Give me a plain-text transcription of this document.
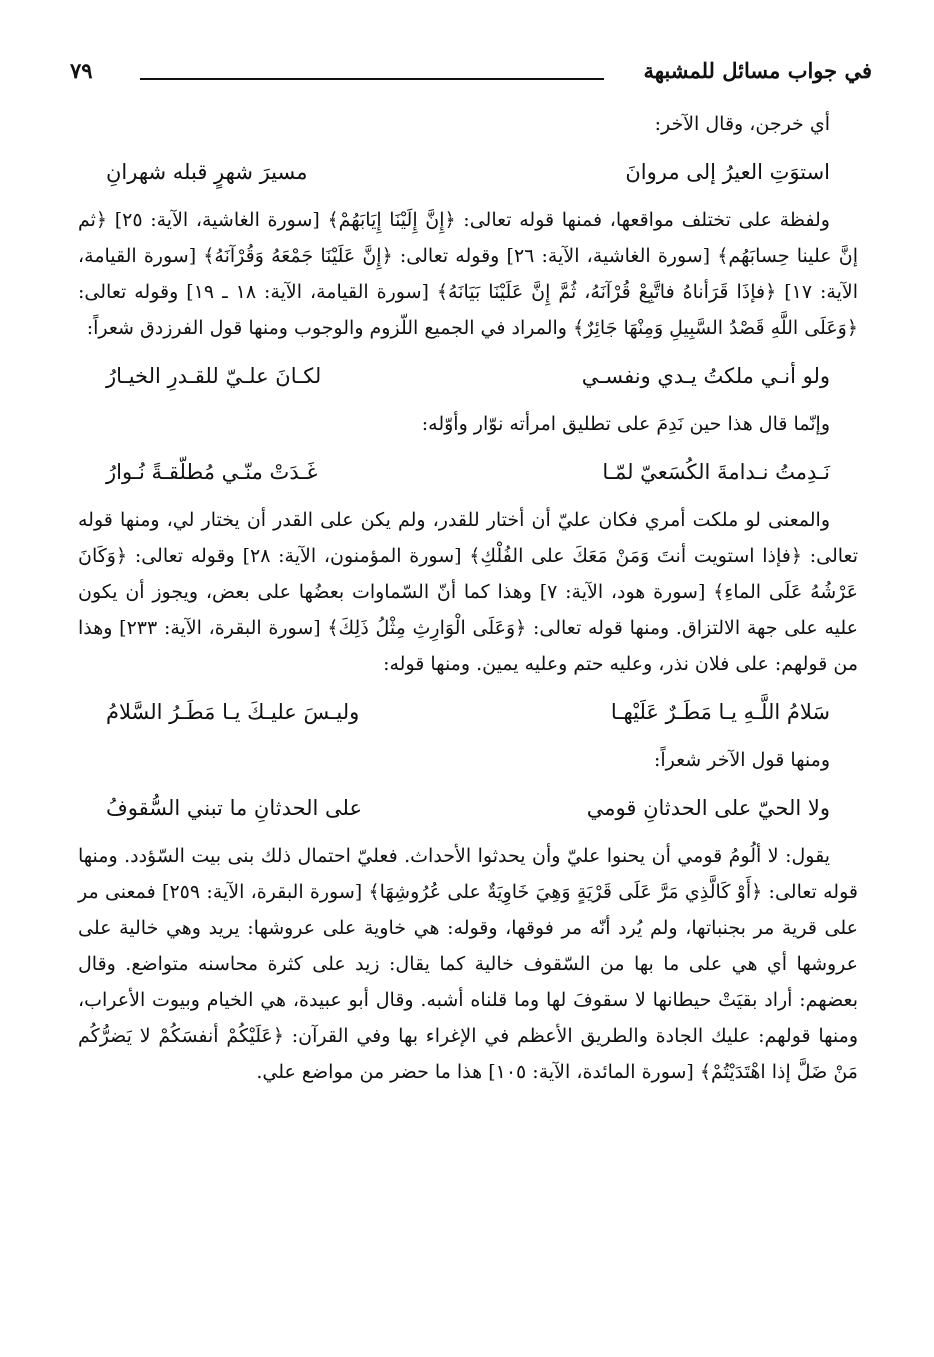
في جواب مسائل للمشبهة
٧٩

أي خرجن، وقال الآخر:

استوَتِ العيرُ إلى مروانَ
مسيرَ شهرٍ قبله شهرانِ

ولفظة على تختلف مواقعها، فمنها قوله تعالى: ﴿إِنَّ إِلَيْنَا إِيَابَهُمْ﴾ [سورة الغاشية، الآية: ٢٥] ﴿ثم إنَّ علينا حِسابَهُم﴾ [سورة الغاشية، الآية: ٢٦] وقوله تعالى: ﴿إِنَّ عَلَيْنَا جَمْعَهُ وَقُرْآنَهُ﴾ [سورة القيامة، الآية: ١٧] ﴿فإذَا قَرَأناهُ فاتَّبِعْ قُرْآنَهُ، ثُمَّ إِنَّ عَلَيْنَا بَيَانَهُ﴾ [سورة القيامة، الآية: ١٨ ـ ١٩] وقوله تعالى: ﴿وَعَلَى اللَّهِ قَصْدُ السَّبِيلِ وَمِنْهَا جَائِرٌ﴾ والمراد في الجميع اللّزوم والوجوب ومنها قول الفرزدق شعراً:

ولو أنـي ملكتُ يـدي ونفسـي
لكـانَ علـيّ للقـدرِ الخيـارُ

وإنّما قال هذا حين نَدِمَ على تطليق امرأته نوّار وأوّله:

نَـدِمتُ نـدامةَ الكُسَعيّ لمّـا
غَـدَتْ منّـي مُطلّقـةً نُـوارُ

والمعنى لو ملكت أمري فكان عليّ أن أختار للقدر، ولم يكن على القدر أن يختار لي، ومنها قوله تعالى: ﴿فإذا استويت أنتَ وَمَنْ مَعَكَ على الفُلْكِ﴾ [سورة المؤمنون، الآية: ٢٨] وقوله تعالى: ﴿وَكَانَ عَرْشُهُ عَلَى الماءِ﴾ [سورة هود، الآية: ٧] وهذا كما أنّ السّماوات بعضُها على بعض، ويجوز أن يكون عليه على جهة الالتزاق. ومنها قوله تعالى: ﴿وَعَلَى الْوَارِثِ مِثْلُ ذَلِكَ﴾ [سورة البقرة، الآية: ٢٣٣] وهذا من قولهم: على فلان نذر، وعليه حتم وعليه يمين. ومنها قوله:

سَلامُ اللَّـهِ يـا مَطَـرٌ عَلَيْهـا
وليـسَ عليـكَ يـا مَطَـرُ السَّلامُ

ومنها قول الآخر شعراً:

ولا الحيّ على الحدثانِ قومي
على الحدثانِ ما تبني السُّقوفُ

يقول: لا ألُومُ قومي أن يحنوا عليّ وأن يحدثوا الأحداث. فعليّ احتمال ذلك بنى بيت السّؤدد. ومنها قوله تعالى: ﴿أَوْ كَالَّذِي مَرَّ عَلَى قَرْيَةٍ وَهِيَ خَاوِيَةٌ على عُرُوشِهَا﴾ [سورة البقرة، الآية: ٢٥٩] فمعنى مر على قرية مر بجنباتها، ولم يُرد أنّه مر فوقها، وقوله: هي خاوية على عروشها: يريد وهي خالية على عروشها أي هي على ما بها من السّقوف خالية كما يقال: زيد على كثرة محاسنه متواضع. وقال بعضهم: أراد بقيَتْ حيطانها لا سقوفَ لها وما قلناه أشبه. وقال أبو عبيدة، هي الخيام وبيوت الأعراب، ومنها قولهم: عليك الجادة والطريق الأعظم في الإغراء بها وفي القرآن: ﴿عَلَيْكُمْ أنفسَكُمْ لا يَضرُّكُم مَنْ ضَلَّ إذا اهْتَدَيْتُمْ﴾ [سورة المائدة، الآية: ١٠٥] هذا ما حضر من مواضع علي.
